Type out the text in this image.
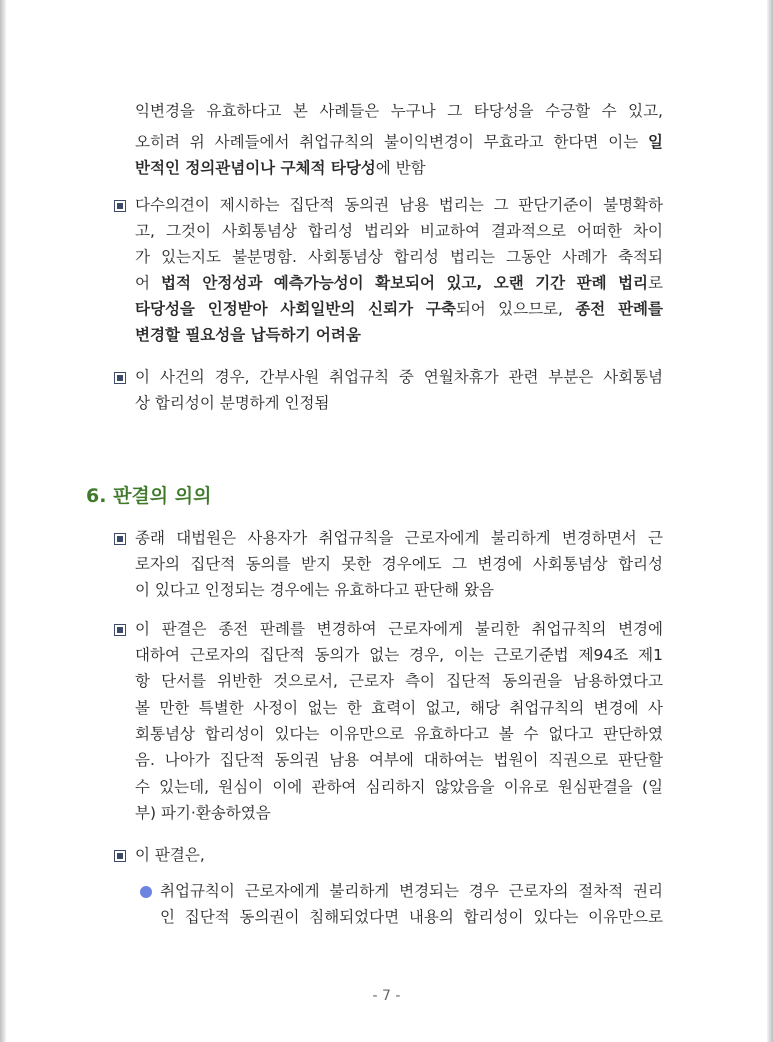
익변경을 유효하다고 본 사례들은 누구나 그 타당성을 수긍할 수 있고,
오히려 위 사례들에서 취업규칙의 불이익변경이 무효라고 한다면 이는 일
반적인 정의관념이나 구체적 타당성에 반함
다수의견이 제시하는 집단적 동의권 남용 법리는 그 판단기준이 불명확하
고, 그것이 사회통념상 합리성 법리와 비교하여 결과적으로 어떠한 차이
가 있는지도 불분명함. 사회통념상 합리성 법리는 그동안 사례가 축적되
어 법적 안정성과 예측가능성이 확보되어 있고, 오랜 기간 판례 법리로
타당성을 인정받아 사회일반의 신뢰가 구축되어 있으므로, 종전 판례를
변경할 필요성을 납득하기 어려움
이 사건의 경우, 간부사원 취업규칙 중 연월차휴가 관련 부분은 사회통념
상 합리성이 분명하게 인정됨
6. 판결의 의의
종래 대법원은 사용자가 취업규칙을 근로자에게 불리하게 변경하면서 근
로자의 집단적 동의를 받지 못한 경우에도 그 변경에 사회통념상 합리성
이 있다고 인정되는 경우에는 유효하다고 판단해 왔음
이 판결은 종전 판례를 변경하여 근로자에게 불리한 취업규칙의 변경에
대하여 근로자의 집단적 동의가 없는 경우, 이는 근로기준법 제94조 제1
항 단서를 위반한 것으로서, 근로자 측이 집단적 동의권을 남용하였다고
볼 만한 특별한 사정이 없는 한 효력이 없고, 해당 취업규칙의 변경에 사
회통념상 합리성이 있다는 이유만으로 유효하다고 볼 수 없다고 판단하였
음. 나아가 집단적 동의권 남용 여부에 대하여는 법원이 직권으로 판단할
수 있는데, 원심이 이에 관하여 심리하지 않았음을 이유로 원심판결을 (일
부) 파기·환송하였음
이 판결은,
취업규칙이 근로자에게 불리하게 변경되는 경우 근로자의 절차적 권리
인 집단적 동의권이 침해되었다면 내용의 합리성이 있다는 이유만으로
- 7 -
